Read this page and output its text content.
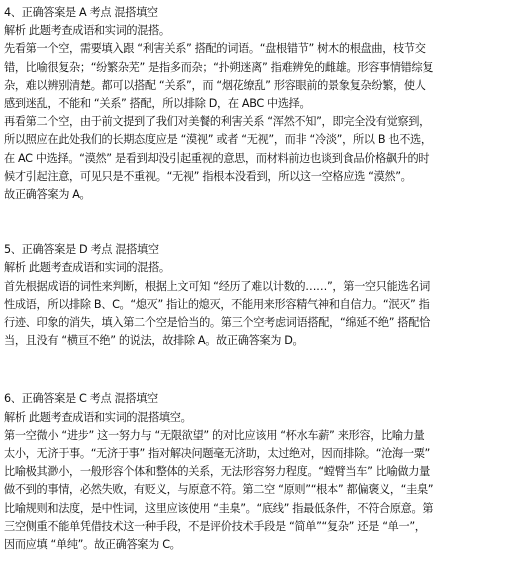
4、正确答案是 A 考点 混搭填空
解析 此题考查成语和实词的混搭。
先看第一个空，需要填入跟 “利害关系” 搭配的词语。“盘根错节” 树木的根盘曲，枝节交
错，比喻很复杂；“纷繁杂芜” 是指多而杂；“扑朔迷离” 指难辨免的雌雄。形容事情错综复
杂，难以辨别清楚。都可以搭配 “关系”，而 “烟花缭乱” 形容眼前的景象复杂纷繁，使人
感到迷乱，不能和 “关系” 搭配，所以排除 D，在 ABC 中选择。
再看第二个空，由于前文提到了我们对美餐的利害关系 “浑然不知”，即完全没有觉察到，
所以照应在此处我们的长期态度应是 “漠视” 或者 “无视”，而非 “冷淡”，所以 B 也不选，
在 AC 中选择。“漠然” 是看到却没引起重视的意思，而材料前边也谈到食品价格飙升的时
候才引起注意，可见只是不重视。“无视” 指根本没看到，所以这一空格应选 “漠然”。
故正确答案为 A。
5、正确答案是 D 考点 混搭填空
解析 此题考查成语和实词的混搭。
首先根据成语的词性来判断，根据上文可知 “经历了难以计数的……”，第一空只能选名词
性成语，所以排除 B、C。“熄灭” 指让的熄灭，不能用来形容精气神和自信力。“泯灭” 指
行迹、印象的消失，填入第二个空是恰当的。第三个空考虑词语搭配，“绵延不绝” 搭配恰
当，且没有 “横亘不绝” 的说法，故排除 A。故正确答案为 D。
6、正确答案是 C 考点 混搭填空
解析 此题考查成语和实词的混搭填空。
第一空微小 “进步” 这一努力与 “无限欲望” 的对比应该用 “杯水车薪” 来形容，比喻力量
太小，无济于事。“无济于事” 指对解决问题毫无济助，太过绝对，因而排除。“沧海一粟”
比喻极其渺小，一般形容个体和整体的关系，无法形容努力程度。“螳臂当车” 比喻做力量
做不到的事情，必然失败，有贬义，与原意不符。第二空 “原则”“根本” 都偏褒义，“圭臬”
比喻规则和法度，是中性词，这里应该使用 “圭臬”。“底线” 指最低条件，不符合原意。第
三空侧重不能单凭借技术这一种手段，不是评价技术手段是 “简单”“复杂” 还是 “单一”，
因而应填 “单纯”。故正确答案为 C。
